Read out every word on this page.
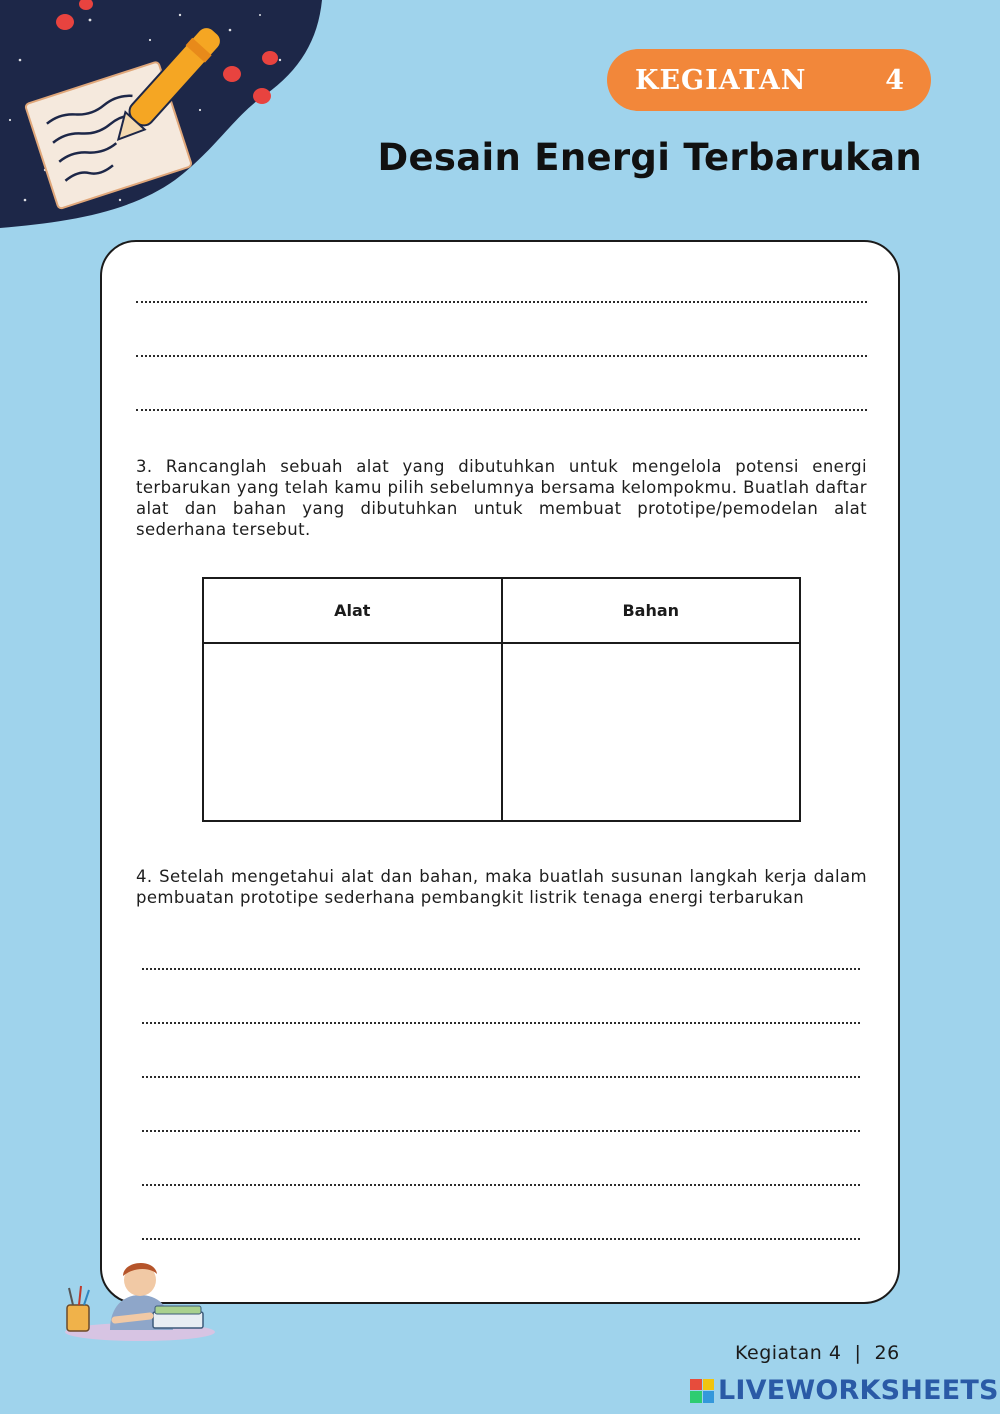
KEGIATAN	4
Desain Energi Terbarukan

3. Rancanglah sebuah alat yang dibutuhkan untuk mengelola potensi energi terbarukan yang telah kamu pilih sebelumnya bersama kelompokmu. Buatlah daftar alat dan bahan yang dibutuhkan untuk membuat prototipe/pemodelan alat sederhana tersebut.

Alat	Bahan

4. Setelah mengetahui alat dan bahan, maka buatlah susunan langkah kerja dalam pembuatan prototipe sederhana pembangkit listrik tenaga energi terbarukan

Kegiatan 4  |  26
LIVEWORKSHEETS
